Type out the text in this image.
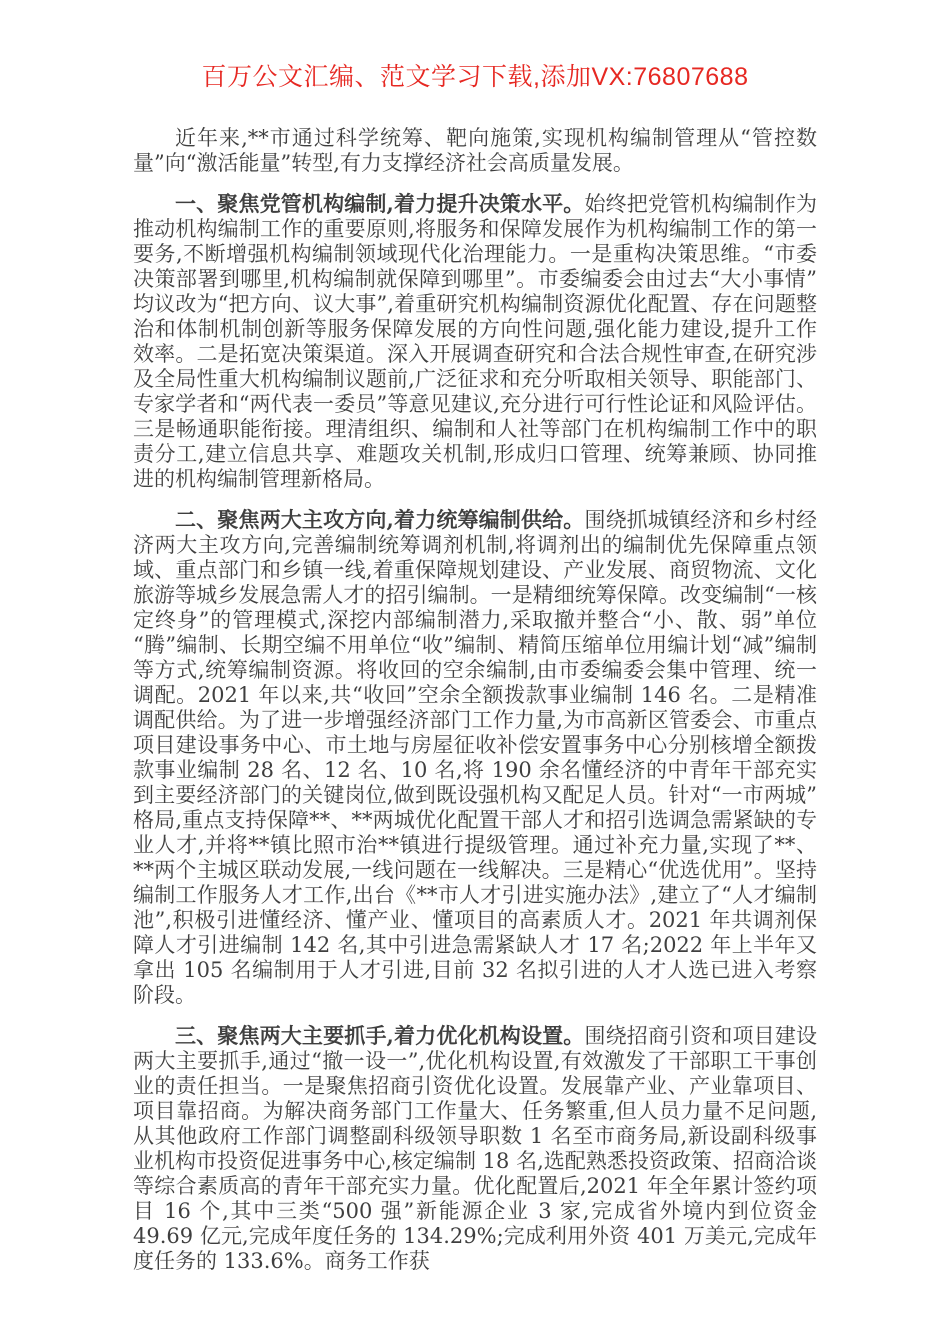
百万公文汇编、范文学习下载,添加VX:76807688

近年来,**市通过科学统筹、靶向施策,实现机构编制管理从“管控数量”向“激活能量”转型,有力支撑经济社会高质量发展。

一、聚焦党管机构编制,着力提升决策水平。始终把党管机构编制作为推动机构编制工作的重要原则,将服务和保障发展作为机构编制工作的第一要务,不断增强机构编制领域现代化治理能力。一是重构决策思维。“市委决策部署到哪里,机构编制就保障到哪里”。市委编委会由过去“大小事情”均议改为“把方向、议大事”,着重研究机构编制资源优化配置、存在问题整治和体制机制创新等服务保障发展的方向性问题,强化能力建设,提升工作效率。二是拓宽决策渠道。深入开展调查研究和合法合规性审查,在研究涉及全局性重大机构编制议题前,广泛征求和充分听取相关领导、职能部门、专家学者和“两代表一委员”等意见建议,充分进行可行性论证和风险评估。三是畅通职能衔接。理清组织、编制和人社等部门在机构编制工作中的职责分工,建立信息共享、难题攻关机制,形成归口管理、统筹兼顾、协同推进的机构编制管理新格局。

二、聚焦两大主攻方向,着力统筹编制供给。围绕抓城镇经济和乡村经济两大主攻方向,完善编制统筹调剂机制,将调剂出的编制优先保障重点领域、重点部门和乡镇一线,着重保障规划建设、产业发展、商贸物流、文化旅游等城乡发展急需人才的招引编制。一是精细统筹保障。改变编制“一核定终身”的管理模式,深挖内部编制潜力,采取撤并整合“小、散、弱”单位“腾”编制、长期空编不用单位“收”编制、精简压缩单位用编计划“减”编制等方式,统筹编制资源。将收回的空余编制,由市委编委会集中管理、统一调配。2021 年以来,共“收回”空余全额拨款事业编制 146 名。二是精准调配供给。为了进一步增强经济部门工作力量,为市高新区管委会、市重点项目建设事务中心、市土地与房屋征收补偿安置事务中心分别核增全额拨款事业编制 28 名、12 名、10 名,将 190 余名懂经济的中青年干部充实到主要经济部门的关键岗位,做到既设强机构又配足人员。针对“一市两城”格局,重点支持保障**、**两城优化配置干部人才和招引选调急需紧缺的专业人才,并将**镇比照市治**镇进行提级管理。通过补充力量,实现了**、**两个主城区联动发展,一线问题在一线解决。三是精心“优选优用”。坚持编制工作服务人才工作,出台《**市人才引进实施办法》,建立了“人才编制池”,积极引进懂经济、懂产业、懂项目的高素质人才。2021 年共调剂保障人才引进编制 142 名,其中引进急需紧缺人才 17 名;2022 年上半年又拿出 105 名编制用于人才引进,目前 32 名拟引进的人才人选已进入考察阶段。

三、聚焦两大主要抓手,着力优化机构设置。围绕招商引资和项目建设两大主要抓手,通过“撤一设一”,优化机构设置,有效激发了干部职工干事创业的责任担当。一是聚焦招商引资优化设置。发展靠产业、产业靠项目、项目靠招商。为解决商务部门工作量大、任务繁重,但人员力量不足问题,从其他政府工作部门调整副科级领导职数 1 名至市商务局,新设副科级事业机构市投资促进事务中心,核定编制 18 名,选配熟悉投资政策、招商洽谈等综合素质高的青年干部充实力量。优化配置后,2021 年全年累计签约项目 16 个,其中三类“500 强”新能源企业 3 家,完成省外境内到位资金 49.69 亿元,完成年度任务的 134.29%;完成利用外资 401 万美元,完成年度任务的 133.6%。商务工作获
